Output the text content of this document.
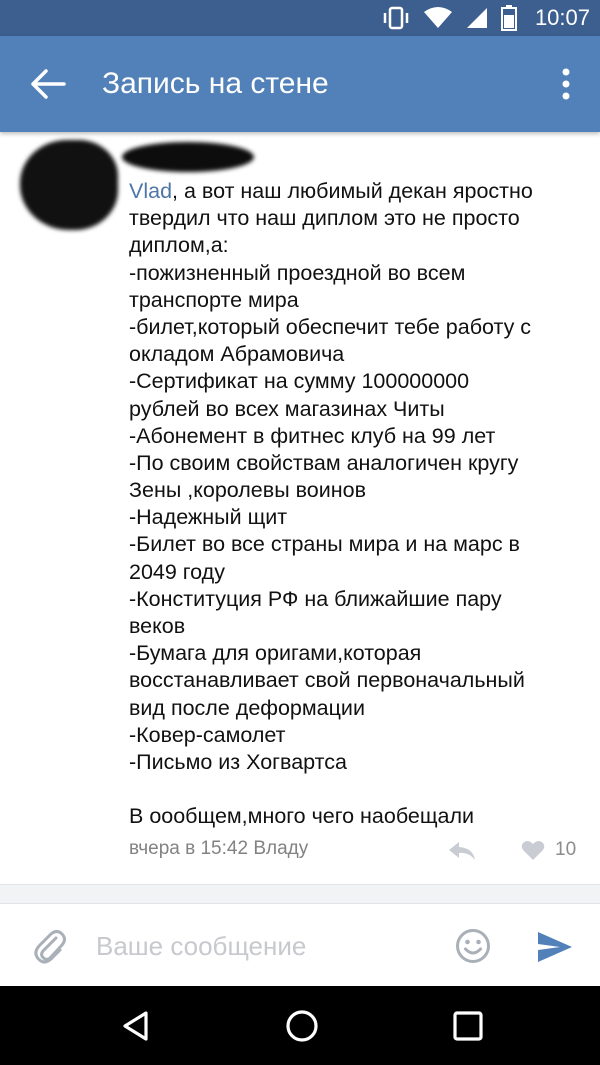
10:07
Запись на стене
Vlad, а вот наш любимый декан яростно
твердил что наш диплом это не просто
диплом,а:
-пожизненный проездной во всем
транспорте мира
-билет,который обеспечит тебе работу с
окладом Абрамовича
-Сертификат на сумму 100000000
рублей во всех магазинах Читы
-Абонемент в фитнес клуб на 99 лет
-По своим свойствам аналогичен кругу
Зены ,королевы воинов
-Надежный щит
-Билет во все страны мира и на марс в
2049 году
-Конституция РФ на ближайшие пару
веков
-Бумага для оригами,которая
восстанавливает свой первоначальный
вид после деформации
-Ковер-самолет
-Письмо из Хогвартса
В оообщем,много чего наобещали
вчера в 15:42 Владу	10
Ваше сообщение
